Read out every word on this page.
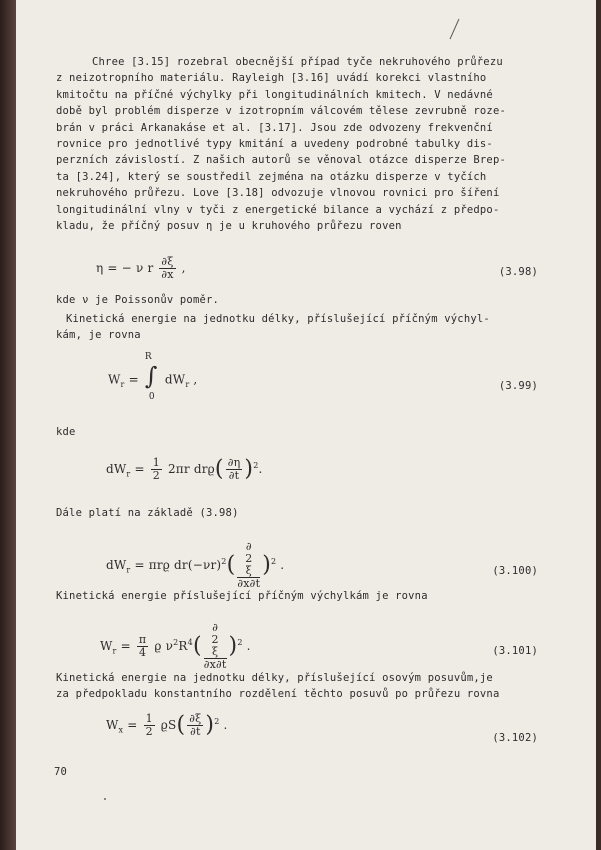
Chree [3.15] rozebral obecnější případ tyče nekruhového průřezu
z neizotropního materiálu. Rayleigh [3.16] uvádí korekci vlastního
kmitočtu na příčné výchylky při longitudinálních kmitech. V nedávné
době byl problém disperze v izotropním válcovém tělese zevrubně roze-
brán v práci Arkanakáse et al. [3.17]. Jsou zde odvozeny frekvenční
rovnice pro jednotlivé typy kmitání a uvedeny podrobné tabulky dis-
perzních závislostí. Z našich autorů se věnoval otázce disperze Brep-
ta [3.24], který se soustředil zejména na otázku disperze v tyčích
nekruhového průřezu. Love [3.18] odvozuje vlnovou rovnici pro šíření
longitudinální vlny v tyči z energetické bilance a vychází z předpo-
kladu, že příčný posuv η je u kruhového průřezu roven
η = − ν r $\frac{\partial\xi}{\partial x}$ ,	(3.98)
kde ν je Poissonův poměr.
Kinetická energie na jednotku délky, příslušející příčným výchyl-
kám, je rovna
$W_r$ =
R
∫
0
$dW_r$ ,	(3.99)
kde
$dW_r = \frac{1}{2} 2\pi r$ $drϱ( \frac{\partial\eta}{\partial t} )^2$.
Dále platí na základě (3.98)
$dW_r = \pi rϱ$ $dr(-\nu r)^2$( ∂
2
ξ
∂x∂t )$^2$ .	(3.100)
Kinetická energie příslušející příčným výchylkám je rovna
$W_r = \frac{\pi}{4}$ ϱ $\nu^2R^4$( ∂
2
ξ
∂x∂t )$^2$ .	(3.101)
Kinetická energie na jednotku délky, příslušející osovým posuvům,je
za předpokladu konstantního rozdělení těchto posuvů po průřezu rovna
$W_x = \frac{1}{2} ϱS( \frac{\partial\xi}{\partial t} )^2$ .
(3.102)
70
